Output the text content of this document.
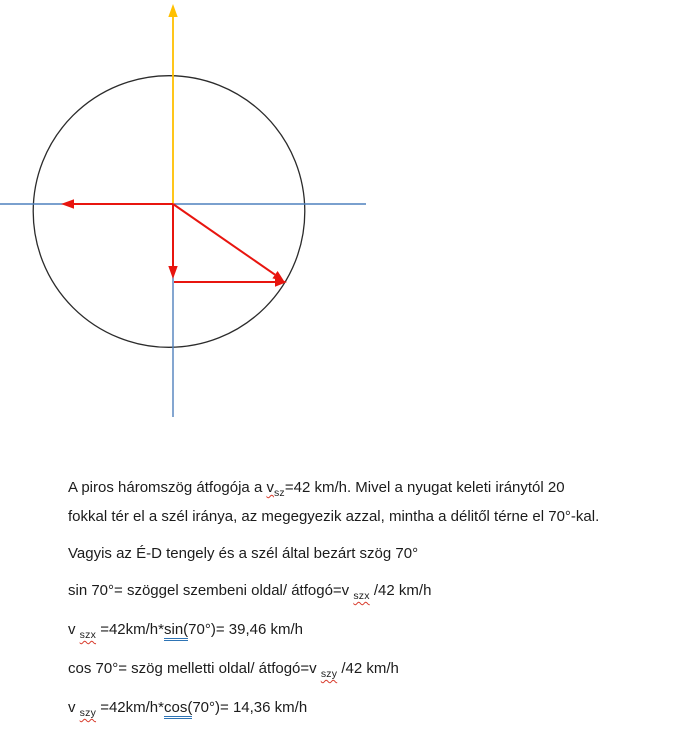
A piros háromszög átfogója a $v_{sz}=42$ km/h. Mivel a nyugat keleti iránytól 20
fokkal tér el a szél iránya, az megegyezik azzal, mintha a délitől térne el 70°-kal.

Vagyis az É-D tengely és a szél által bezárt szög 70°

sin 70°= szöggel szembeni oldal/ átfogó=v $_{szx}$ /42 km/h

v $_{szx}$ =42km/h*sin(70°)= 39,46 km/h

cos 70°= szög melletti oldal/ átfogó=v $_{szy}$ /42 km/h

v $_{szy}$ =42km/h*cos(70°)= 14,36 km/h
